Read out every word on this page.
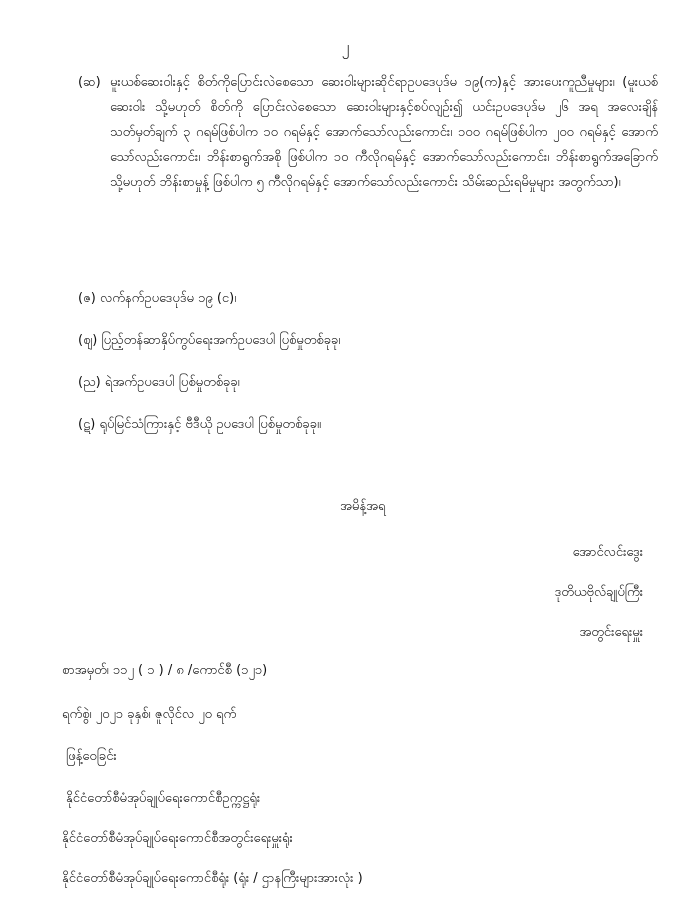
၂
(ဆ) မူးယစ်ဆေးဝါးနှင့် စိတ်ကိုပြောင်းလဲစေသော ဆေးဝါးများဆိုင်ရာဥပဒေပုဒ်မ ၁၉(က)နှင့် အားပေးကူညီမှုများ၊ (မူးယစ်ဆေးဝါး သို့မဟုတ် စိတ်ကို ပြောင်းလဲစေသော ဆေးဝါးများနှင့်စပ်လျဉ်း၍ ယင်းဥပဒေပုဒ်မ ၂၆ အရ အလေးချိန် သတ်မှတ်ချက် ၃ ဂရမ်ဖြစ်ပါက ၁၀ ဂရမ်နှင့် အောက်သော်လည်းကောင်း၊ ၁၀၀ ဂရမ်ဖြစ်ပါက ၂၀၀ ဂရမ်နှင့် အောက်သော်လည်းကောင်း၊ ဘိန်းစာရွက်အစို ဖြစ်ပါက ၁၀ ကီလိုဂရမ်နှင့် အောက်သော်လည်းကောင်း၊ ဘိန်းစာရွက်အခြောက် သို့မဟုတ် ဘိန်းစာမှုန့် ဖြစ်ပါက ၅ ကီလိုဂရမ်နှင့် အောက်သော်လည်းကောင်း သိမ်းဆည်းရမိမှုများ အတွက်သာ)၊
(ဇ) လက်နက်ဥပဒေပုဒ်မ ၁၉ (င)၊
(ဈ) ပြည့်တန်ဆာနှိပ်ကွပ်ရေးအက်ဥပဒေပါ ပြစ်မှုတစ်ခုခု၊
(ည) ရဲအက်ဥပဒေပါ ပြစ်မှုတစ်ခုခု၊
(ဋ) ရုပ်မြင်သံကြားနှင့် ဗီဒီယို ဥပဒေပါ ပြစ်မှုတစ်ခုခု။
အမိန့်အရ
အောင်လင်းဒွေး
ဒုတိယဗိုလ်ချုပ်ကြီး
အတွင်းရေးမှူး
စာအမှတ်၊ ၁၁၂ ( ၁ ) / ၈ /ကောင်စီ (၁၂၁)
ရက်စွဲ၊ ၂၀၂၁ ခုနှစ်၊ ဇူလိုင်လ ၂၀ ရက်
ဖြန့်ဝေခြင်း
နိုင်ငံတော်စီမံအုပ်ချုပ်ရေးကောင်စီဥက္ကဋ္ဌရုံး
နိုင်ငံတော်စီမံအုပ်ချုပ်ရေးကောင်စီအတွင်းရေးမှူးရုံး
နိုင်ငံတော်စီမံအုပ်ချုပ်ရေးကောင်စီရုံး (ရုံး / ဌာနကြီးများအားလုံး )
